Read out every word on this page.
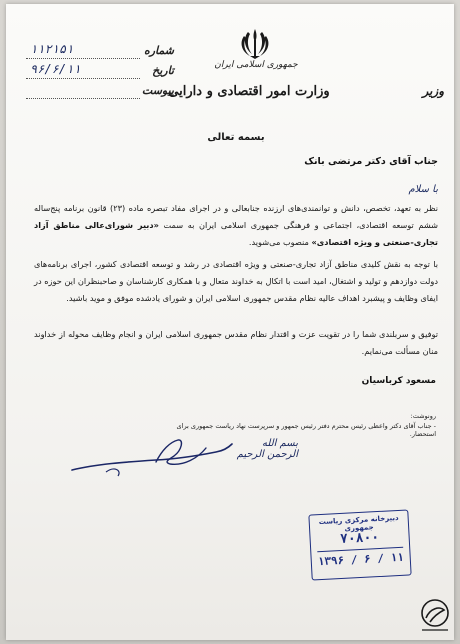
جمهوری اسلامی ایران
وزارت امور اقتصادی و دارایی	وزیر
۱۱۲۱۵۱	شماره
۹۶/۶/۱۱	تاریخ
پیوست
بسمه تعالی
جناب آقای دکتر مرتضی بانک
با سلام
نظر به تعهد، تخصص، دانش و توانمندی‌های ارزنده جنابعالی و در اجرای مفاد تبصره ماده (۲۳) قانون برنامه پنج‌ساله ششم توسعه اقتصادی، اجتماعی و فرهنگی جمهوری اسلامی ایران به سمت «دبیر شورای‌عالی مناطق آزاد تجاری-صنعتی و ویژه اقتصادی» منصوب می‌شوید.
با توجه به نقش کلیدی مناطق آزاد تجاری-صنعتی و ویژه اقتصادی در رشد و توسعه اقتصادی کشور، اجرای برنامه‌های دولت دوازدهم و تولید و اشتغال، امید است با اتکال به خداوند متعال و با همکاری کارشناسان و صاحبنظران این حوزه در ایفای وظایف و پیشبرد اهداف عالیه نظام مقدس جمهوری اسلامی ایران و شورای یادشده موفق و موید باشید.
توفیق و سربلندی شما را در تقویت عزت و اقتدار نظام مقدس جمهوری اسلامی ایران و انجام وظایف محوله از خداوند منان مسألت می‌نمایم.
مسعود کرباسیان
رونوشت:
- جناب آقای دکتر واعظی رئیس محترم دفتر رئیس جمهور و سرپرست نهاد ریاست جمهوری برای استحضار.
بسم الله الرحمن الرحیم
دبیرخانه مرکزی ریاست جمهوری
۷۰۸۰۰
۱۳۹۶ / ۶ / ۱۱
